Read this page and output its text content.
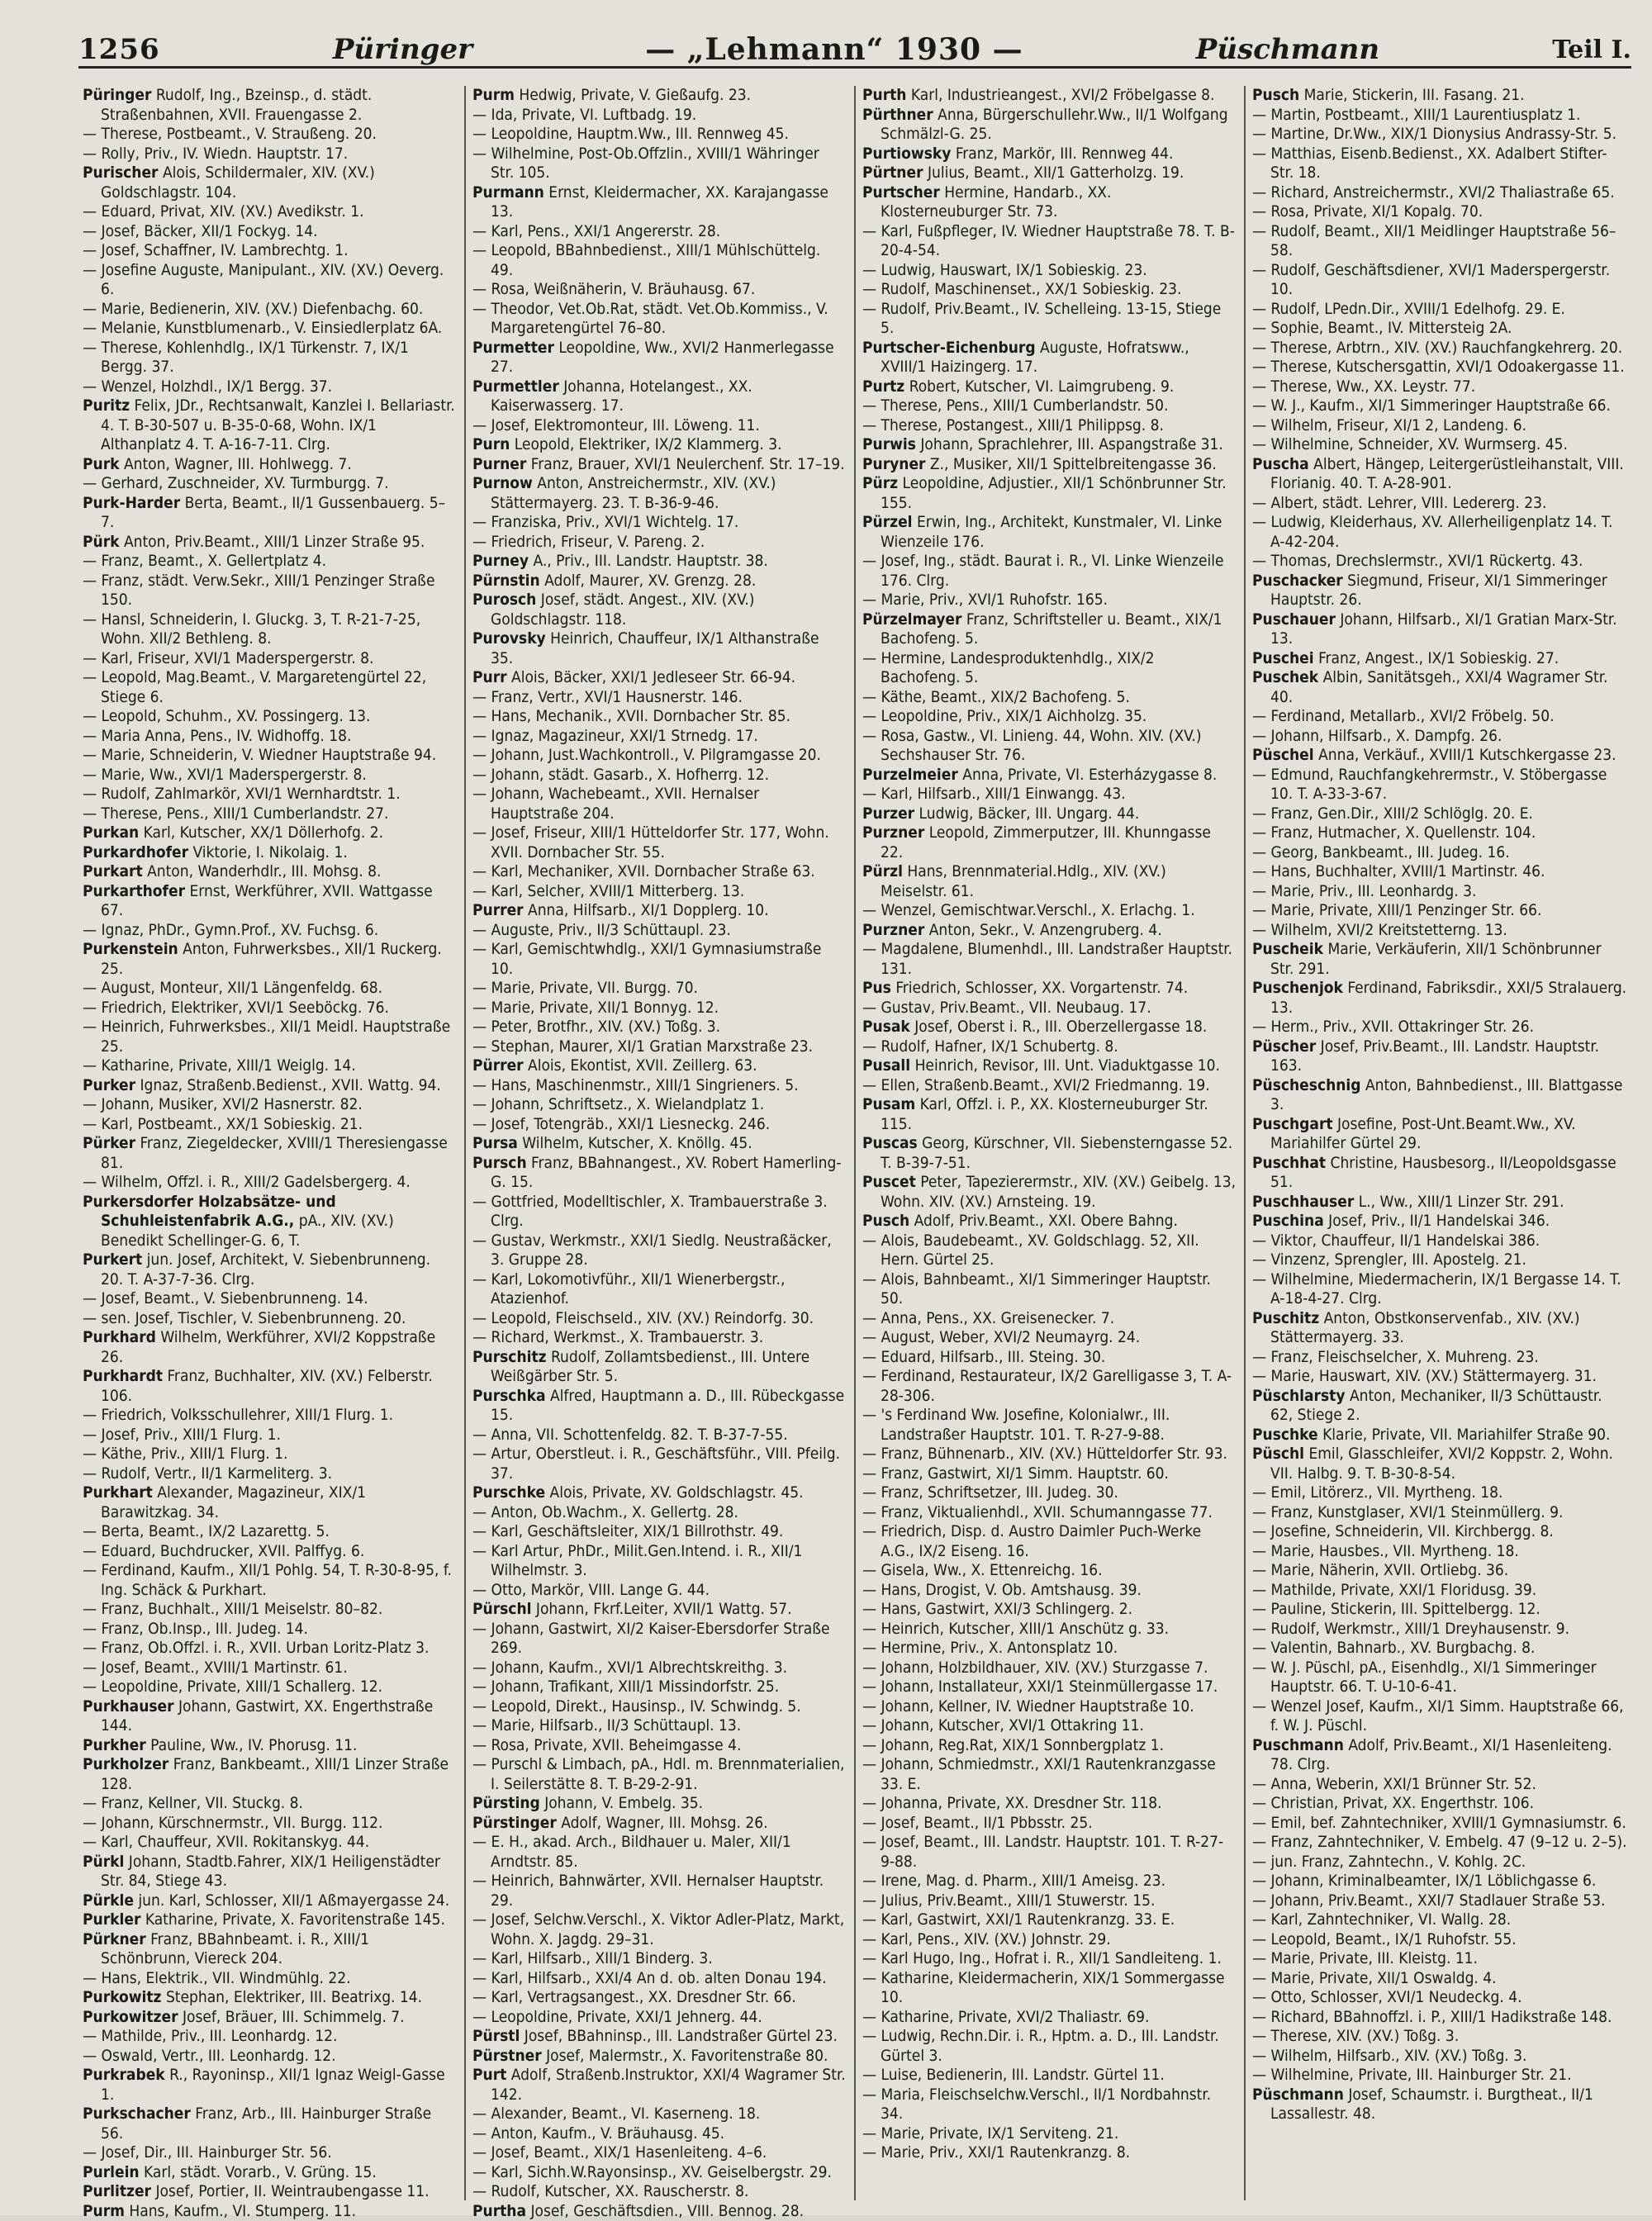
1256	Püringer	— „Lehmann“ 1930 —	Püschmann	Teil I.
Püringer Rudolf, Ing., Bzeinsp., d. städt. Straßenbahnen, XVII. Frauengasse 2.
— Therese, Postbeamt., V. Straußeng. 20.
— Rolly, Priv., IV. Wiedn. Hauptstr. 17.
Purischer Alois, Schildermaler, XIV. (XV.) Goldschlagstr. 104.
— Eduard, Privat, XIV. (XV.) Avedikstr. 1.
— Josef, Bäcker, XII/1 Fockyg. 14.
— Josef, Schaffner, IV. Lambrechtg. 1.
— Josefine Auguste, Manipulant., XIV. (XV.) Oeverg. 6.
— Marie, Bedienerin, XIV. (XV.) Diefenbachg. 60.
— Melanie, Kunstblumenarb., V. Einsiedlerplatz 6A.
— Therese, Kohlenhdlg., IX/1 Türkenstr. 7, IX/1 Bergg. 37.
— Wenzel, Holzhdl., IX/1 Bergg. 37.
Puritz Felix, JDr., Rechtsanwalt, Kanzlei I. Bellariastr. 4. T. B-30-507 u. B-35-0-68, Wohn. IX/1 Althanplatz 4. T. A-16-7-11. Clrg.
Purk Anton, Wagner, III. Hohlwegg. 7.
— Gerhard, Zuschneider, XV. Turmburgg. 7.
Purk-Harder Berta, Beamt., II/1 Gussenbauerg. 5–7.
Pürk Anton, Priv.Beamt., XIII/1 Linzer Straße 95.
— Franz, Beamt., X. Gellertplatz 4.
— Franz, städt. Verw.Sekr., XIII/1 Penzinger Straße 150.
— Hansl, Schneiderin, I. Gluckg. 3, T. R-21-7-25, Wohn. XII/2 Bethleng. 8.
— Karl, Friseur, XVI/1 Maderspergerstr. 8.
— Leopold, Mag.Beamt., V. Margaretengürtel 22, Stiege 6.
— Leopold, Schuhm., XV. Possingerg. 13.
— Maria Anna, Pens., IV. Widhoffg. 18.
— Marie, Schneiderin, V. Wiedner Hauptstraße 94.
— Marie, Ww., XVI/1 Maderspergerstr. 8.
— Rudolf, Zahlmarkör, XVI/1 Wernhardtstr. 1.
— Therese, Pens., XIII/1 Cumberlandstr. 27.
Purkan Karl, Kutscher, XX/1 Döllerhofg. 2.
Purkardhofer Viktorie, I. Nikolaig. 1.
Purkart Anton, Wanderhdlr., III. Mohsg. 8.
Purkarthofer Ernst, Werkführer, XVII. Wattgasse 67.
— Ignaz, PhDr., Gymn.Prof., XV. Fuchsg. 6.
Purkenstein Anton, Fuhrwerksbes., XII/1 Ruckerg. 25.
— August, Monteur, XII/1 Längenfeldg. 68.
— Friedrich, Elektriker, XVI/1 Seeböckg. 76.
— Heinrich, Fuhrwerksbes., XII/1 Meidl. Hauptstraße 25.
— Katharine, Private, XIII/1 Weiglg. 14.
Purker Ignaz, Straßenb.Bedienst., XVII. Wattg. 94.
— Johann, Musiker, XVI/2 Hasnerstr. 82.
— Karl, Postbeamt., XX/1 Sobieskig. 21.
Pürker Franz, Ziegeldecker, XVIII/1 Theresiengasse 81.
— Wilhelm, Offzl. i. R., XIII/2 Gadelsbergerg. 4.
Purkersdorfer Holzabsätze- und Schuhleistenfabrik A.G., pA., XIV. (XV.) Benedikt Schellinger-G. 6, T.
Purkert jun. Josef, Architekt, V. Siebenbrunneng. 20. T. A-37-7-36. Clrg.
— Josef, Beamt., V. Siebenbrunneng. 14.
— sen. Josef, Tischler, V. Siebenbrunneng. 20.
Purkhard Wilhelm, Werkführer, XVI/2 Koppstraße 26.
Purkhardt Franz, Buchhalter, XIV. (XV.) Felberstr. 106.
— Friedrich, Volksschullehrer, XIII/1 Flurg. 1.
— Josef, Priv., XIII/1 Flurg. 1.
— Käthe, Priv., XIII/1 Flurg. 1.
— Rudolf, Vertr., II/1 Karmeliterg. 3.
Purkhart Alexander, Magazineur, XIX/1 Barawitzkag. 34.
— Berta, Beamt., IX/2 Lazarettg. 5.
— Eduard, Buchdrucker, XVII. Palffyg. 6.
— Ferdinand, Kaufm., XII/1 Pohlg. 54, T. R-30-8-95, f. Ing. Schäck & Purkhart.
— Franz, Buchhalt., XIII/1 Meiselstr. 80–82.
— Franz, Ob.Insp., III. Judeg. 14.
— Franz, Ob.Offzl. i. R., XVII. Urban Loritz-Platz 3.
— Josef, Beamt., XVIII/1 Martinstr. 61.
— Leopoldine, Private, XIII/1 Schallerg. 12.
Purkhauser Johann, Gastwirt, XX. Engerthstraße 144.
Purkher Pauline, Ww., IV. Phorusg. 11.
Purkholzer Franz, Bankbeamt., XIII/1 Linzer Straße 128.
— Franz, Kellner, VII. Stuckg. 8.
— Johann, Kürschnermstr., VII. Burgg. 112.
— Karl, Chauffeur, XVII. Rokitanskyg. 44.
Pürkl Johann, Stadtb.Fahrer, XIX/1 Heiligenstädter Str. 84, Stiege 43.
Pürkle jun. Karl, Schlosser, XII/1 Aßmayergasse 24.
Purkler Katharine, Private, X. Favoritenstraße 145.
Pürkner Franz, BBahnbeamt. i. R., XIII/1 Schönbrunn, Viereck 204.
— Hans, Elektrik., VII. Windmühlg. 22.
Purkowitz Stephan, Elektriker, III. Beatrixg. 14.
Purkowitzer Josef, Bräuer, III. Schimmelg. 7.
— Mathilde, Priv., III. Leonhardg. 12.
— Oswald, Vertr., III. Leonhardg. 12.
Purkrabek R., Rayoninsp., XII/1 Ignaz Weigl-Gasse 1.
Purkschacher Franz, Arb., III. Hainburger Straße 56.
— Josef, Dir., III. Hainburger Str. 56.
Purlein Karl, städt. Vorarb., V. Grüng. 15.
Purlitzer Josef, Portier, II. Weintraubengasse 11.
Purm Hans, Kaufm., VI. Stumperg. 11.
Purm Hedwig, Private, V. Gießaufg. 23.
— Ida, Private, VI. Luftbadg. 19.
— Leopoldine, Hauptm.Ww., III. Rennweg 45.
— Wilhelmine, Post-Ob.Offzlin., XVIII/1 Währinger Str. 105.
Purmann Ernst, Kleidermacher, XX. Karajangasse 13.
— Karl, Pens., XXI/1 Angererstr. 28.
— Leopold, BBahnbedienst., XIII/1 Mühlschüttelg. 49.
— Rosa, Weißnäherin, V. Bräuhausg. 67.
— Theodor, Vet.Ob.Rat, städt. Vet.Ob.Kommiss., V. Margaretengürtel 76–80.
Purmetter Leopoldine, Ww., XVI/2 Hanmerlegasse 27.
Purmettler Johanna, Hotelangest., XX. Kaiserwasserg. 17.
— Josef, Elektromonteur, III. Löweng. 11.
Purn Leopold, Elektriker, IX/2 Klammerg. 3.
Purner Franz, Brauer, XVI/1 Neulerchenf. Str. 17–19.
Purnow Anton, Anstreichermstr., XIV. (XV.) Stättermayerg. 23. T. B-36-9-46.
— Franziska, Priv., XVI/1 Wichtelg. 17.
— Friedrich, Friseur, V. Pareng. 2.
Purney A., Priv., III. Landstr. Hauptstr. 38.
Pürnstin Adolf, Maurer, XV. Grenzg. 28.
Purosch Josef, städt. Angest., XIV. (XV.) Goldschlagstr. 118.
Purovsky Heinrich, Chauffeur, IX/1 Althanstraße 35.
Purr Alois, Bäcker, XXI/1 Jedleseer Str. 66-94.
— Franz, Vertr., XVI/1 Hausnerstr. 146.
— Hans, Mechanik., XVII. Dornbacher Str. 85.
— Ignaz, Magazineur, XXI/1 Strnedg. 17.
— Johann, Just.Wachkontroll., V. Pilgramgasse 20.
— Johann, städt. Gasarb., X. Hofherrg. 12.
— Johann, Wachebeamt., XVII. Hernalser Hauptstraße 204.
— Josef, Friseur, XIII/1 Hütteldorfer Str. 177, Wohn. XVII. Dornbacher Str. 55.
— Karl, Mechaniker, XVII. Dornbacher Straße 63.
— Karl, Selcher, XVIII/1 Mitterberg. 13.
Purrer Anna, Hilfsarb., XI/1 Dopplerg. 10.
— Auguste, Priv., II/3 Schüttaupl. 23.
— Karl, Gemischtwhdlg., XXI/1 Gymnasiumstraße 10.
— Marie, Private, VII. Burgg. 70.
— Marie, Private, XII/1 Bonnyg. 12.
— Peter, Brotfhr., XIV. (XV.) Toßg. 3.
— Stephan, Maurer, XI/1 Gratian Marxstraße 23.
Pürrer Alois, Ekontist, XVII. Zeillerg. 63.
— Hans, Maschinenmstr., XIII/1 Singrieners. 5.
— Johann, Schriftsetz., X. Wielandplatz 1.
— Josef, Totengräb., XXI/1 Liesneckg. 246.
Pursa Wilhelm, Kutscher, X. Knöllg. 45.
Pursch Franz, BBahnangest., XV. Robert Hamerling-G. 15.
— Gottfried, Modelltischler, X. Trambauerstraße 3. Clrg.
— Gustav, Werkmstr., XXI/1 Siedlg. Neustraßäcker, 3. Gruppe 28.
— Karl, Lokomotivführ., XII/1 Wienerbergstr., Atazienhof.
— Leopold, Fleischseld., XIV. (XV.) Reindorfg. 30.
— Richard, Werkmst., X. Trambauerstr. 3.
Purschitz Rudolf, Zollamtsbedienst., III. Untere Weißgärber Str. 5.
Purschka Alfred, Hauptmann a. D., III. Rübeckgasse 15.
— Anna, VII. Schottenfeldg. 82. T. B-37-7-55.
— Artur, Oberstleut. i. R., Geschäftsführ., VIII. Pfeilg. 37.
Purschke Alois, Private, XV. Goldschlagstr. 45.
— Anton, Ob.Wachm., X. Gellertg. 28.
— Karl, Geschäftsleiter, XIX/1 Billrothstr. 49.
— Karl Artur, PhDr., Milit.Gen.Intend. i. R., XII/1 Wilhelmstr. 3.
— Otto, Markör, VIII. Lange G. 44.
Pürschl Johann, Fkrf.Leiter, XVII/1 Wattg. 57.
— Johann, Gastwirt, XI/2 Kaiser-Ebersdorfer Straße 269.
— Johann, Kaufm., XVI/1 Albrechtskreithg. 3.
— Johann, Trafikant, XIII/1 Missindorfstr. 25.
— Leopold, Direkt., Hausinsp., IV. Schwindg. 5.
— Marie, Hilfsarb., II/3 Schüttaupl. 13.
— Rosa, Private, XVII. Beheimgasse 4.
— Purschl & Limbach, pA., Hdl. m. Brennmaterialien, I. Seilerstätte 8. T. B-29-2-91.
Pürsting Johann, V. Embelg. 35.
Pürstinger Adolf, Wagner, III. Mohsg. 26.
— E. H., akad. Arch., Bildhauer u. Maler, XII/1 Arndtstr. 85.
— Heinrich, Bahnwärter, XVII. Hernalser Hauptstr. 29.
— Josef, Selchw.Verschl., X. Viktor Adler-Platz, Markt, Wohn. X. Jagdg. 29–31.
— Karl, Hilfsarb., XIII/1 Binderg. 3.
— Karl, Hilfsarb., XXI/4 An d. ob. alten Donau 194.
— Karl, Vertragsangest., XX. Dresdner Str. 66.
— Leopoldine, Private, XXI/1 Jehnerg. 44.
Pürstl Josef, BBahninsp., III. Landstraßer Gürtel 23.
Pürstner Josef, Malermstr., X. Favoritenstraße 80.
Purt Adolf, Straßenb.Instruktor, XXI/4 Wagramer Str. 142.
— Alexander, Beamt., VI. Kaserneng. 18.
— Anton, Kaufm., V. Bräuhausg. 45.
— Josef, Beamt., XIX/1 Hasenleiteng. 4–6.
— Karl, Sichh.W.Rayonsinsp., XV. Geiselbergstr. 29.
— Rudolf, Kutscher, XX. Rauscherstr. 8.
Purtha Josef, Geschäftsdien., VIII. Bennog. 28.
Purth Karl, Industrieangest., XVI/2 Fröbelgasse 8.
Pürthner Anna, Bürgerschullehr.Ww., II/1 Wolfgang Schmälzl-G. 25.
Purtiowsky Franz, Markör, III. Rennweg 44.
Pürtner Julius, Beamt., XII/1 Gatterholzg. 19.
Purtscher Hermine, Handarb., XX. Klosterneuburger Str. 73.
— Karl, Fußpfleger, IV. Wiedner Hauptstraße 78. T. B-20-4-54.
— Ludwig, Hauswart, IX/1 Sobieskig. 23.
— Rudolf, Maschinenset., XX/1 Sobieskig. 23.
— Rudolf, Priv.Beamt., IV. Schelleing. 13-15, Stiege 5.
Purtscher-Eichenburg Auguste, Hofratsww., XVIII/1 Haizingerg. 17.
Purtz Robert, Kutscher, VI. Laimgrubeng. 9.
— Therese, Pens., XIII/1 Cumberlandstr. 50.
— Therese, Postangest., XIII/1 Philippsg. 8.
Purwis Johann, Sprachlehrer, III. Aspangstraße 31.
Puryner Z., Musiker, XII/1 Spittelbreitengasse 36.
Pürz Leopoldine, Adjustier., XII/1 Schönbrunner Str. 155.
Pürzel Erwin, Ing., Architekt, Kunstmaler, VI. Linke Wienzeile 176.
— Josef, Ing., städt. Baurat i. R., VI. Linke Wienzeile 176. Clrg.
— Marie, Priv., XVI/1 Ruhofstr. 165.
Pürzelmayer Franz, Schriftsteller u. Beamt., XIX/1 Bachofeng. 5.
— Hermine, Landesproduktenhdlg., XIX/2 Bachofeng. 5.
— Käthe, Beamt., XIX/2 Bachofeng. 5.
— Leopoldine, Priv., XIX/1 Aichholzg. 35.
— Rosa, Gastw., VI. Linieng. 44, Wohn. XIV. (XV.) Sechshauser Str. 76.
Purzelmeier Anna, Private, VI. Esterházygasse 8.
— Karl, Hilfsarb., XIII/1 Einwangg. 43.
Purzer Ludwig, Bäcker, III. Ungarg. 44.
Purzner Leopold, Zimmerputzer, III. Khunngasse 22.
Pürzl Hans, Brennmaterial.Hdlg., XIV. (XV.) Meiselstr. 61.
— Wenzel, Gemischtwar.Verschl., X. Erlachg. 1.
Purzner Anton, Sekr., V. Anzengruberg. 4.
— Magdalene, Blumenhdl., III. Landstraßer Hauptstr. 131.
Pus Friedrich, Schlosser, XX. Vorgartenstr. 74.
— Gustav, Priv.Beamt., VII. Neubaug. 17.
Pusak Josef, Oberst i. R., III. Oberzellergasse 18.
— Rudolf, Hafner, IX/1 Schubertg. 8.
Pusall Heinrich, Revisor, III. Unt. Viaduktgasse 10.
— Ellen, Straßenb.Beamt., XVI/2 Friedmanng. 19.
Pusam Karl, Offzl. i. P., XX. Klosterneuburger Str. 115.
Puscas Georg, Kürschner, VII. Siebensterngasse 52. T. B-39-7-51.
Puscet Peter, Tapezierermstr., XIV. (XV.) Geibelg. 13, Wohn. XIV. (XV.) Arnsteing. 19.
Pusch Adolf, Priv.Beamt., XXI. Obere Bahng.
— Alois, Baudebeamt., XV. Goldschlagg. 52, XII. Hern. Gürtel 25.
— Alois, Bahnbeamt., XI/1 Simmeringer Hauptstr. 50.
— Anna, Pens., XX. Greisenecker. 7.
— August, Weber, XVI/2 Neumayrg. 24.
— Eduard, Hilfsarb., III. Steing. 30.
— Ferdinand, Restaurateur, IX/2 Garelligasse 3, T. A-28-306.
— 's Ferdinand Ww. Josefine, Kolonialwr., III. Landstraßer Hauptstr. 101. T. R-27-9-88.
— Franz, Bühnenarb., XIV. (XV.) Hütteldorfer Str. 93.
— Franz, Gastwirt, XI/1 Simm. Hauptstr. 60.
— Franz, Schriftsetzer, III. Judeg. 30.
— Franz, Viktualienhdl., XVII. Schumanngasse 77.
— Friedrich, Disp. d. Austro Daimler Puch-Werke A.G., IX/2 Eiseng. 16.
— Gisela, Ww., X. Ettenreichg. 16.
— Hans, Drogist, V. Ob. Amtshausg. 39.
— Hans, Gastwirt, XXI/3 Schlingerg. 2.
— Heinrich, Kutscher, XIII/1 Anschütz g. 33.
— Hermine, Priv., X. Antonsplatz 10.
— Johann, Holzbildhauer, XIV. (XV.) Sturzgasse 7.
— Johann, Installateur, XXI/1 Steinmüllergasse 17.
— Johann, Kellner, IV. Wiedner Hauptstraße 10.
— Johann, Kutscher, XVI/1 Ottakring 11.
— Johann, Reg.Rat, XIX/1 Sonnbergplatz 1.
— Johann, Schmiedmstr., XXI/1 Rautenkranzgasse 33. E.
— Johanna, Private, XX. Dresdner Str. 118.
— Josef, Beamt., II/1 Pbbsstr. 25.
— Josef, Beamt., III. Landstr. Hauptstr. 101. T. R-27-9-88.
— Irene, Mag. d. Pharm., XIII/1 Ameisg. 23.
— Julius, Priv.Beamt., XIII/1 Stuwerstr. 15.
— Karl, Gastwirt, XXI/1 Rautenkranzg. 33. E.
— Karl, Pens., XIV. (XV.) Johnstr. 29.
— Karl Hugo, Ing., Hofrat i. R., XII/1 Sandleiteng. 1.
— Katharine, Kleidermacherin, XIX/1 Sommergasse 10.
— Katharine, Private, XVI/2 Thaliastr. 69.
— Ludwig, Rechn.Dir. i. R., Hptm. a. D., III. Landstr. Gürtel 3.
— Luise, Bedienerin, III. Landstr. Gürtel 11.
— Maria, Fleischselchw.Verschl., II/1 Nordbahnstr. 34.
— Marie, Private, IX/1 Serviteng. 21.
— Marie, Priv., XXI/1 Rautenkranzg. 8.
Pusch Marie, Stickerin, III. Fasang. 21.
— Martin, Postbeamt., XIII/1 Laurentiusplatz 1.
— Martine, Dr.Ww., XIX/1 Dionysius Andrassy-Str. 5.
— Matthias, Eisenb.Bedienst., XX. Adalbert Stifter-Str. 18.
— Richard, Anstreichermstr., XVI/2 Thaliastraße 65.
— Rosa, Private, XI/1 Kopalg. 70.
— Rudolf, Beamt., XII/1 Meidlinger Hauptstraße 56–58.
— Rudolf, Geschäftsdiener, XVI/1 Maderspergerstr. 10.
— Rudolf, LPedn.Dir., XVIII/1 Edelhofg. 29. E.
— Sophie, Beamt., IV. Mittersteig 2A.
— Therese, Arbtrn., XIV. (XV.) Rauchfangkehrerg. 20.
— Therese, Kutschersgattin, XVI/1 Odoakergasse 11.
— Therese, Ww., XX. Leystr. 77.
— W. J., Kaufm., XI/1 Simmeringer Hauptstraße 66.
— Wilhelm, Friseur, XI/1 2, Landeng. 6.
— Wilhelmine, Schneider, XV. Wurmserg. 45.
Puscha Albert, Hängeр, Leitergerüstleihanstalt, VIII. Florianig. 40. T. A-28-901.
— Albert, städt. Lehrer, VIII. Ledererg. 23.
— Ludwig, Kleiderhaus, XV. Allerheiligenplatz 14. T. A-42-204.
— Thomas, Drechslermstr., XVI/1 Rückertg. 43.
Puschacker Siegmund, Friseur, XI/1 Simmeringer Hauptstr. 26.
Puschauer Johann, Hilfsarb., XI/1 Gratian Marx-Str. 13.
Puschei Franz, Angest., IX/1 Sobieskig. 27.
Puschek Albin, Sanitätsgeh., XXI/4 Wagramer Str. 40.
— Ferdinand, Metallarb., XVI/2 Fröbelg. 50.
— Johann, Hilfsarb., X. Dampfg. 26.
Püschel Anna, Verkäuf., XVIII/1 Kutschkergasse 23.
— Edmund, Rauchfangkehrermstr., V. Stöbergasse 10. T. A-33-3-67.
— Franz, Gen.Dir., XIII/2 Schlöglg. 20. E.
— Franz, Hutmacher, X. Quellenstr. 104.
— Georg, Bankbeamt., III. Judeg. 16.
— Hans, Buchhalter, XVIII/1 Martinstr. 46.
— Marie, Priv., III. Leonhardg. 3.
— Marie, Private, XIII/1 Penzinger Str. 66.
— Wilhelm, XVI/2 Kreitstetterng. 13.
Puscheik Marie, Verkäuferin, XII/1 Schönbrunner Str. 291.
Puschenjok Ferdinand, Fabriksdir., XXI/5 Stralauerg. 13.
— Herm., Priv., XVII. Ottakringer Str. 26.
Püscher Josef, Priv.Beamt., III. Landstr. Hauptstr. 163.
Püscheschnig Anton, Bahnbedienst., III. Blattgasse 3.
Puschgart Josefine, Post-Unt.Beamt.Ww., XV. Mariahilfer Gürtel 29.
Puschhat Christine, Hausbesorg., II/Leopoldsgasse 51.
Puschhauser L., Ww., XIII/1 Linzer Str. 291.
Puschina Josef, Priv., II/1 Handelskai 346.
— Viktor, Chauffeur, II/1 Handelskai 386.
— Vinzenz, Sprengler, III. Apostelg. 21.
— Wilhelmine, Miedermacherin, IX/1 Bergasse 14. T. A-18-4-27. Clrg.
Puschitz Anton, Obstkonservenfab., XIV. (XV.) Stättermayerg. 33.
— Franz, Fleischselcher, X. Muhreng. 23.
— Marie, Hauswart, XIV. (XV.) Stättermayerg. 31.
Püschlarsty Anton, Mechaniker, II/3 Schüttaustr. 62, Stiege 2.
Puschke Klarie, Private, VII. Mariahilfer Straße 90.
Püschl Emil, Glasschleifer, XVI/2 Koppstr. 2, Wohn. VII. Halbg. 9. T. B-30-8-54.
— Emil, Litörerz., VII. Myrtheng. 18.
— Franz, Kunstglaser, XVI/1 Steinmüllerg. 9.
— Josefine, Schneiderin, VII. Kirchbergg. 8.
— Marie, Hausbes., VII. Myrtheng. 18.
— Marie, Näherin, XVII. Ortliebg. 36.
— Mathilde, Private, XXI/1 Floridusg. 39.
— Pauline, Stickerin, III. Spittelbergg. 12.
— Rudolf, Werkmstr., XIII/1 Dreyhausenstr. 9.
— Valentin, Bahnarb., XV. Burgbachg. 8.
— W. J. Püschl, pA., Eisenhdlg., XI/1 Simmeringer Hauptstr. 66. T. U-10-6-41.
— Wenzel Josef, Kaufm., XI/1 Simm. Hauptstraße 66, f. W. J. Püschl.
Puschmann Adolf, Priv.Beamt., XI/1 Hasenleiteng. 78. Clrg.
— Anna, Weberin, XXI/1 Brünner Str. 52.
— Christian, Privat, XX. Engerthstr. 106.
— Emil, bef. Zahntechniker, XVIII/1 Gymnasiumstr. 6.
— Franz, Zahntechniker, V. Embelg. 47 (9–12 u. 2–5).
— jun. Franz, Zahntechn., V. Kohlg. 2C.
— Johann, Kriminalbeamter, IX/1 Löblichgasse 6.
— Johann, Priv.Beamt., XXI/7 Stadlauer Straße 53.
— Karl, Zahntechniker, VI. Wallg. 28.
— Leopold, Beamt., IX/1 Ruhofstr. 55.
— Marie, Private, III. Kleistg. 11.
— Marie, Private, XII/1 Oswaldg. 4.
— Otto, Schlosser, XVI/1 Neudeckg. 4.
— Richard, BBahnoffzl. i. P., XIII/1 Hadikstraße 148.
— Therese, XIV. (XV.) Toßg. 3.
— Wilhelm, Hilfsarb., XIV. (XV.) Toßg. 3.
— Wilhelmine, Private, III. Hainburger Str. 21.
Püschmann Josef, Schaumstr. i. Burgtheat., II/1 Lassallestr. 48.
